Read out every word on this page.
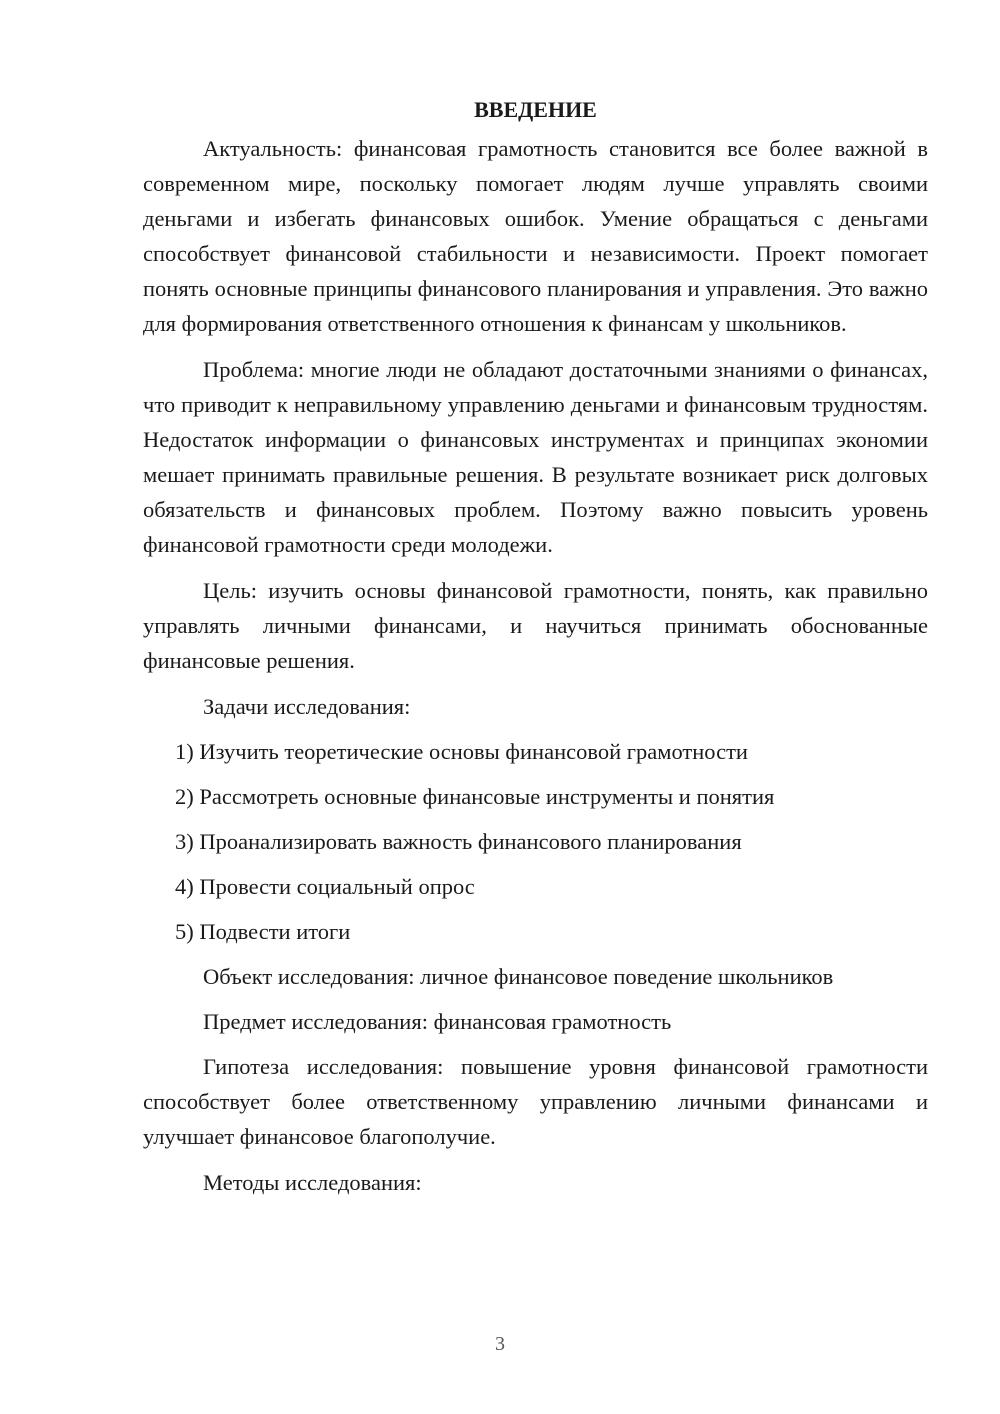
ВВЕДЕНИЕ

Актуальность: финансовая грамотность становится все более важной в современном мире, поскольку помогает людям лучше управлять своими деньгами и избегать финансовых ошибок. Умение обращаться с деньгами способствует финансовой стабильности и независимости. Проект помогает понять основные принципы финансового планирования и управления. Это важно для формирования ответственного отношения к финансам у школьников.

Проблема: многие люди не обладают достаточными знаниями о финансах, что приводит к неправильному управлению деньгами и финансовым трудностям. Недостаток информации о финансовых инструментах и принципах экономии мешает принимать правильные решения. В результате возникает риск долговых обязательств и финансовых проблем. Поэтому важно повысить уровень финансовой грамотности среди молодежи.

Цель: изучить основы финансовой грамотности, понять, как правильно управлять личными финансами, и научиться принимать обоснованные финансовые решения.

Задачи исследования:
1) Изучить теоретические основы финансовой грамотности
2) Рассмотреть основные финансовые инструменты и понятия
3) Проанализировать важность финансового планирования
4) Провести социальный опрос
5) Подвести итоги
Объект исследования: личное финансовое поведение школьников
Предмет исследования: финансовая грамотность

Гипотеза исследования: повышение уровня финансовой грамотности способствует более ответственному управлению личными финансами и улучшает финансовое благополучие.

Методы исследования:
3
